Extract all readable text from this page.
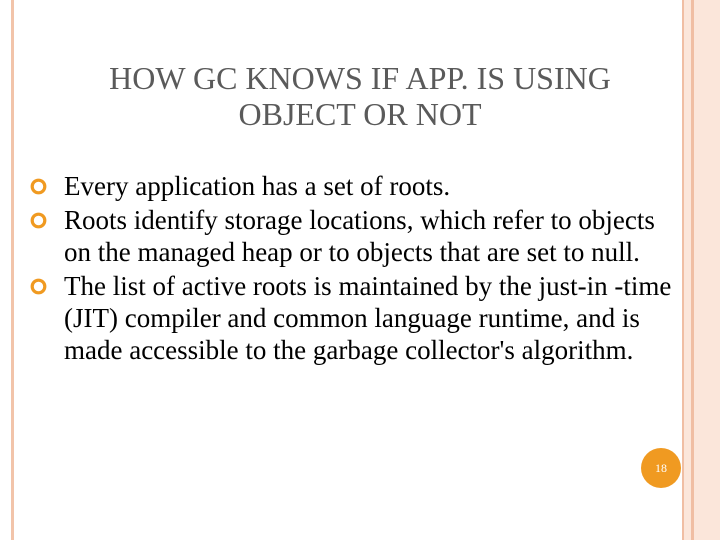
HOW GC KNOWS IF APP. IS USING
OBJECT OR NOT
Every application has a set of roots.
Roots identify storage locations, which refer to objects on the managed heap or to objects that are set to null.
The list of active roots is maintained by the just-in -time (JIT) compiler and common language runtime, and is made accessible to the garbage collector's algorithm.
18
